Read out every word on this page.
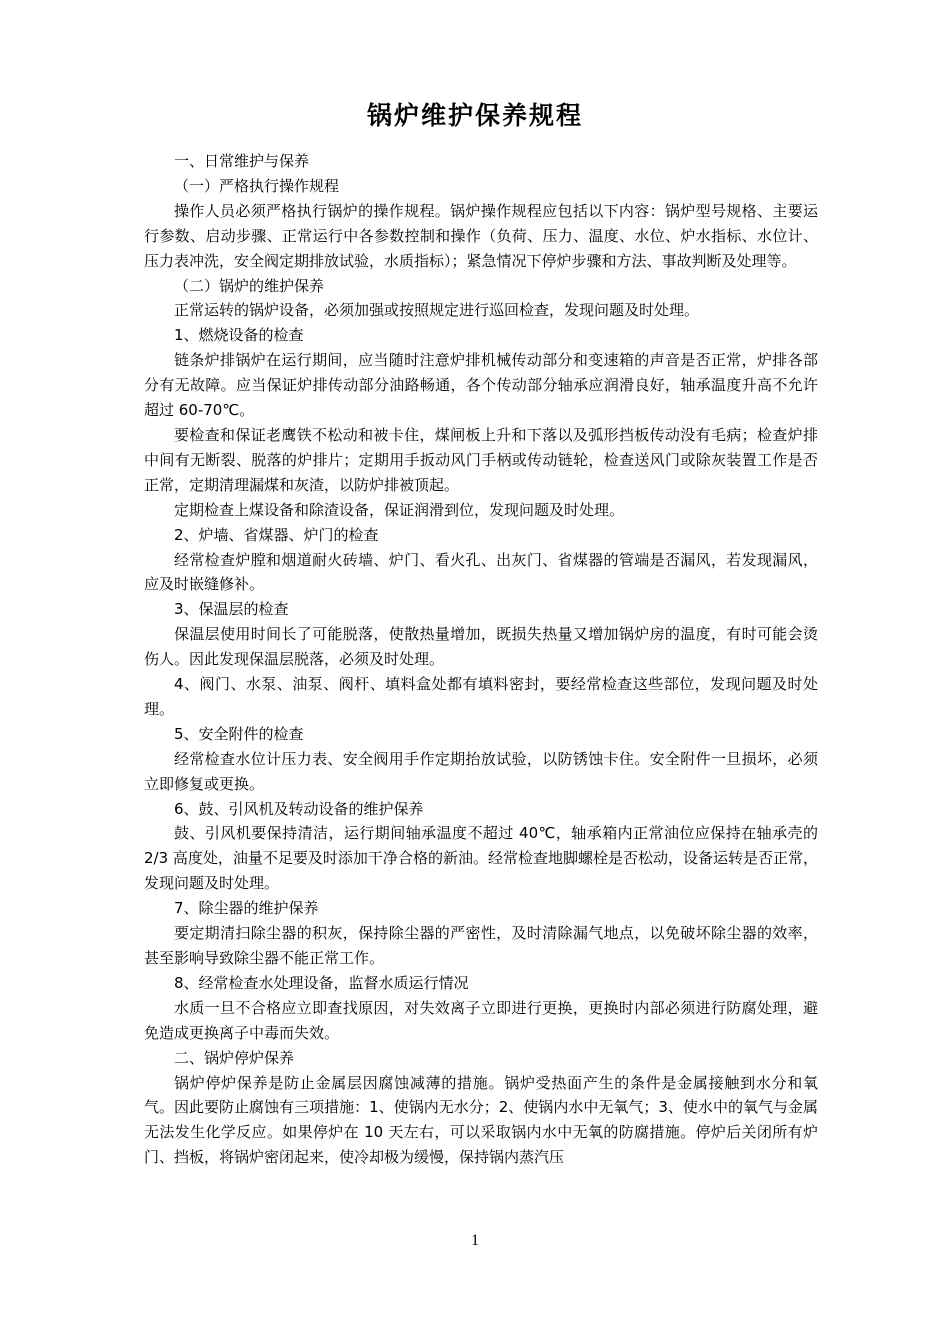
锅炉维护保养规程

一、日常维护与保养

（一）严格执行操作规程

操作人员必须严格执行锅炉的操作规程。锅炉操作规程应包括以下内容：锅炉型号规格、主要运行参数、启动步骤、正常运行中各参数控制和操作（负荷、压力、温度、水位、炉水指标、水位计、压力表冲洗，安全阀定期排放试验，水质指标）；紧急情况下停炉步骤和方法、事故判断及处理等。

（二）锅炉的维护保养

正常运转的锅炉设备，必须加强或按照规定进行巡回检查，发现问题及时处理。

1、燃烧设备的检查

链条炉排锅炉在运行期间，应当随时注意炉排机械传动部分和变速箱的声音是否正常，炉排各部分有无故障。应当保证炉排传动部分油路畅通，各个传动部分轴承应润滑良好，轴承温度升高不允许超过 60-70℃。

要检查和保证老鹰铁不松动和被卡住，煤闸板上升和下落以及弧形挡板传动没有毛病；检查炉排中间有无断裂、脱落的炉排片；定期用手扳动风门手柄或传动链轮，检查送风门或除灰装置工作是否正常，定期清理漏煤和灰渣，以防炉排被顶起。

定期检查上煤设备和除渣设备，保证润滑到位，发现问题及时处理。

2、炉墙、省煤器、炉门的检查

经常检查炉膛和烟道耐火砖墙、炉门、看火孔、出灰门、省煤器的管端是否漏风，若发现漏风，应及时嵌缝修补。

3、保温层的检查

保温层使用时间长了可能脱落，使散热量增加，既损失热量又增加锅炉房的温度，有时可能会烫伤人。因此发现保温层脱落，必须及时处理。

4、阀门、水泵、油泵、阀杆、填料盒处都有填料密封，要经常检查这些部位，发现问题及时处理。

5、安全附件的检查

经常检查水位计压力表、安全阀用手作定期抬放试验，以防锈蚀卡住。安全附件一旦损坏，必须立即修复或更换。

6、鼓、引风机及转动设备的维护保养

鼓、引风机要保持清洁，运行期间轴承温度不超过 40℃，轴承箱内正常油位应保持在轴承壳的 2/3 高度处，油量不足要及时添加干净合格的新油。经常检查地脚螺栓是否松动，设备运转是否正常，发现问题及时处理。

7、除尘器的维护保养

要定期清扫除尘器的积灰，保持除尘器的严密性，及时清除漏气地点，以免破坏除尘器的效率，甚至影响导致除尘器不能正常工作。

8、经常检查水处理设备，监督水质运行情况

水质一旦不合格应立即查找原因，对失效离子立即进行更换，更换时内部必须进行防腐处理，避免造成更换离子中毒而失效。

二、锅炉停炉保养

锅炉停炉保养是防止金属层因腐蚀减薄的措施。锅炉受热面产生的条件是金属接触到水分和氧气。因此要防止腐蚀有三项措施：1、使锅内无水分；2、使锅内水中无氧气；3、使水中的氧气与金属无法发生化学反应。如果停炉在 10 天左右，可以采取锅内水中无氧的防腐措施。停炉后关闭所有炉门、挡板，将锅炉密闭起来，使冷却极为缓慢，保持锅内蒸汽压

1
